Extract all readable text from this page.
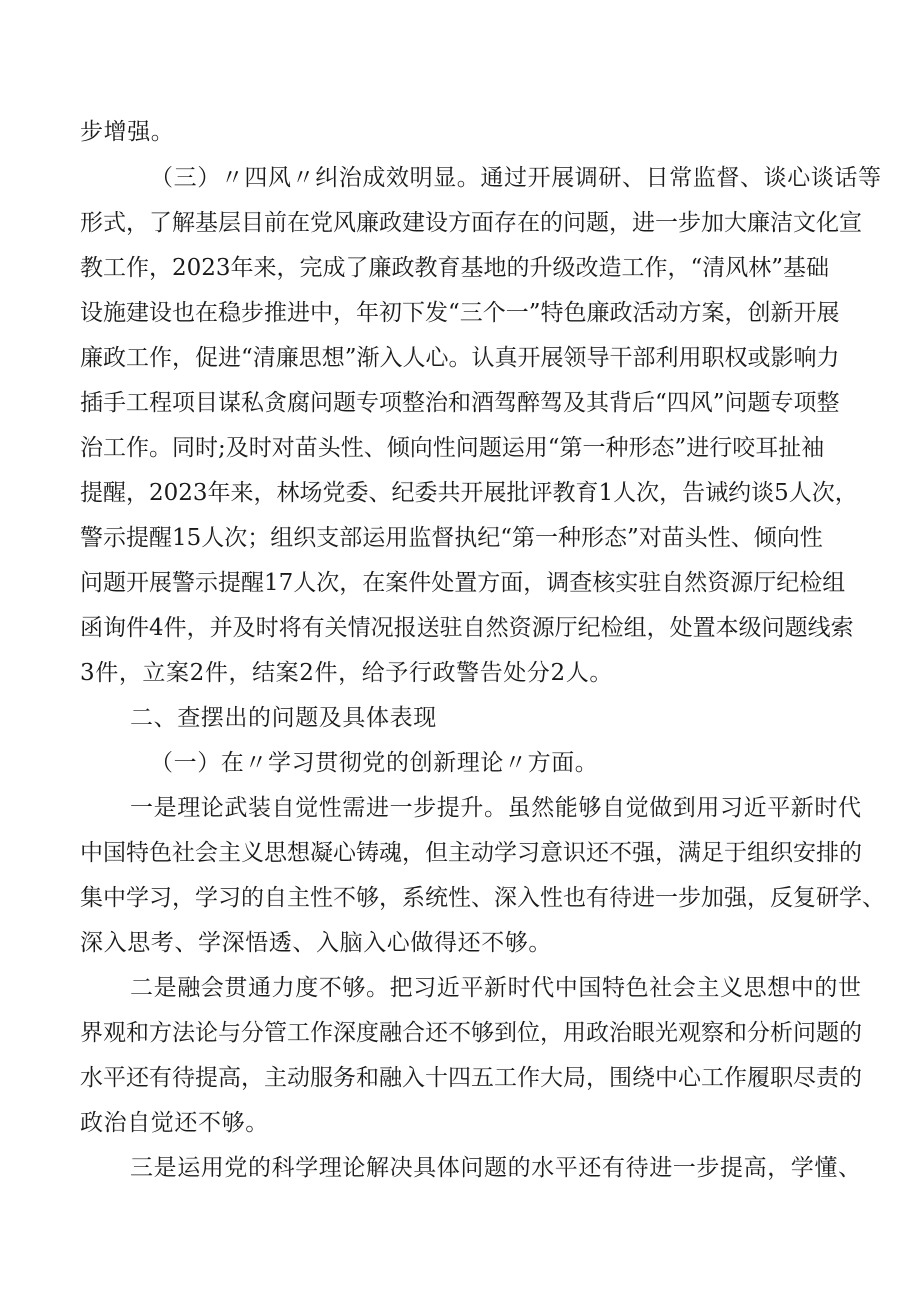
步增强。
（三）〃四风〃纠治成效明显。通过开展调研、日常监督、谈心谈话等
形式，了解基层目前在党风廉政建设方面存在的问题，进一步加大廉洁文化宣
教工作，2023年来，完成了廉政教育基地的升级改造工作，“清风林”基础
设施建设也在稳步推进中，年初下发“三个一”特色廉政活动方案，创新开展
廉政工作，促进“清廉思想”渐入人心。认真开展领导干部利用职权或影响力
插手工程项目谋私贪腐问题专项整治和酒驾醉驾及其背后“四风”问题专项整
治工作。同时;及时对苗头性、倾向性问题运用“第一种形态”进行咬耳扯袖
提醒，2023年来，林场党委、纪委共开展批评教育1人次，告诫约谈5人次，
警示提醒15人次；组织支部运用监督执纪“第一种形态”对苗头性、倾向性
问题开展警示提醒17人次，在案件处置方面，调查核实驻自然资源厅纪检组
函询件4件，并及时将有关情况报送驻自然资源厅纪检组，处置本级问题线索
3件，立案2件，结案2件，给予行政警告处分2人。
二、查摆出的问题及具体表现
（一）在〃学习贯彻党的创新理论〃方面。
一是理论武装自觉性需进一步提升。虽然能够自觉做到用习近平新时代
中国特色社会主义思想凝心铸魂，但主动学习意识还不强，满足于组织安排的
集中学习，学习的自主性不够，系统性、深入性也有待进一步加强，反复研学、
深入思考、学深悟透、入脑入心做得还不够。
二是融会贯通力度不够。把习近平新时代中国特色社会主义思想中的世
界观和方法论与分管工作深度融合还不够到位，用政治眼光观察和分析问题的
水平还有待提高，主动服务和融入十四五工作大局，围绕中心工作履职尽责的
政治自觉还不够。
三是运用党的科学理论解决具体问题的水平还有待进一步提高，学懂、
